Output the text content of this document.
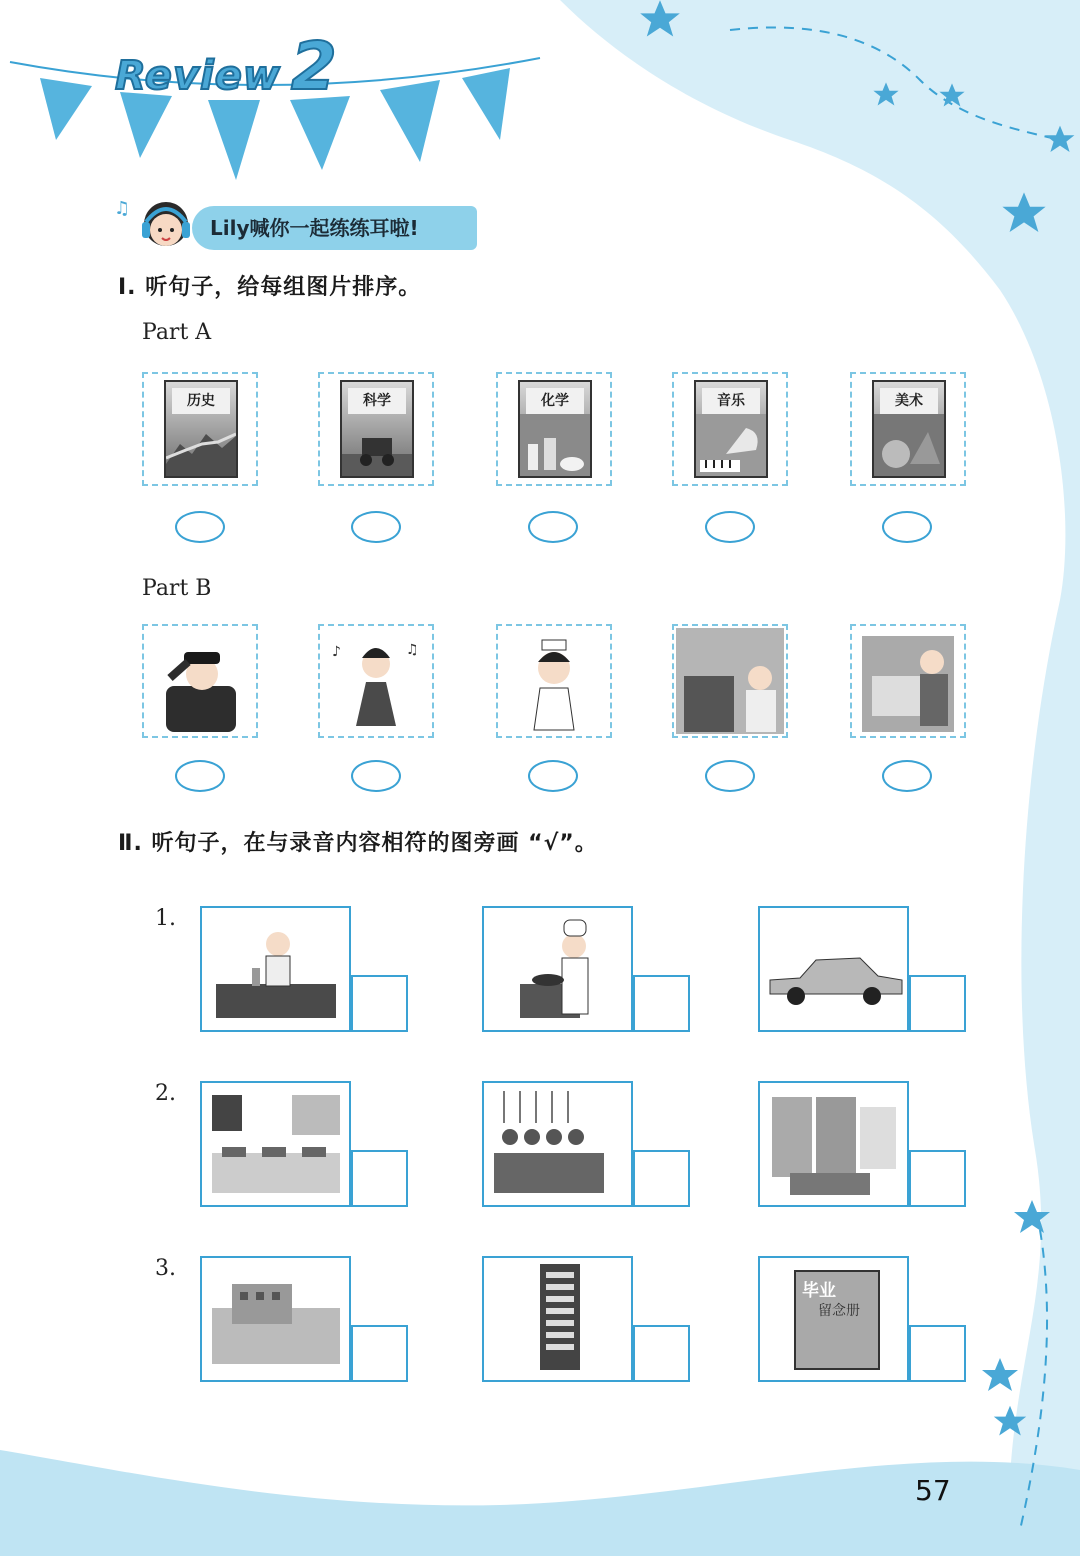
Review 2
♫
Lily喊你一起练练耳啦!
Ⅰ. 听句子，给每组图片排序。
Part A
历史	科学	化学	音乐	美术
Part B
♪	♫
Ⅱ. 听句子，在与录音内容相符的图旁画 “√”。
1.
2.
3.
毕业
留念册
57
